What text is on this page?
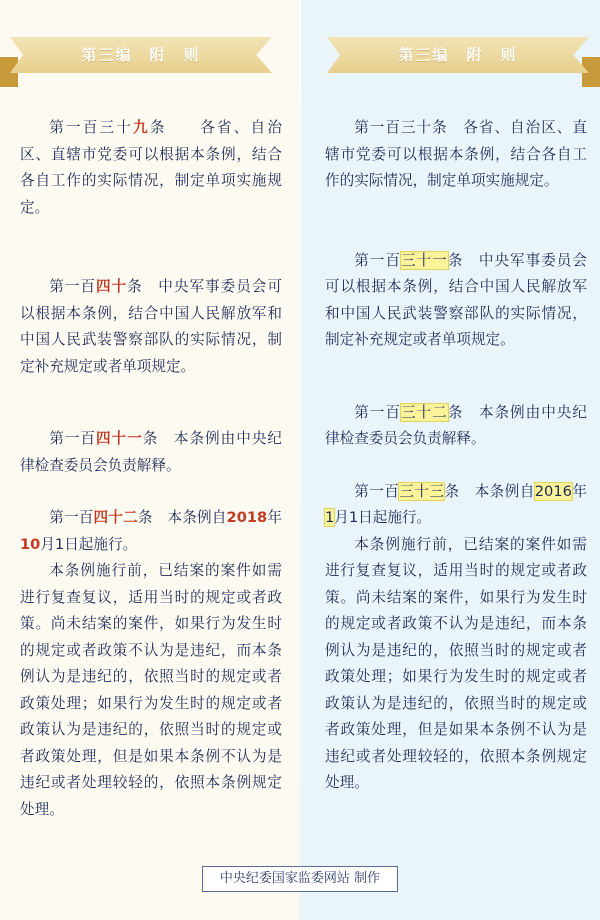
第三编　附　则	第三编　附　则

第一百三十九条　　 各省、自治区、直辖市党委可以根据本条例，结合各自工作的实际情况，制定单项实施规定。

第一百四十条　 中央军事委员会可以根据本条例，结合中国人民解放军和中国人民武装警察部队的实际情况，制定补充规定或者单项规定。

第一百四十一条　 本条例由中央纪律检查委员会负责解释。

第一百四十二条　 本条例自2018年10月1日起施行。

本条例施行前，已结案的案件如需进行复查复议，适用当时的规定或者政策。尚未结案的案件，如果行为发生时的规定或者政策不认为是违纪，而本条例认为是违纪的，依照当时的规定或者政策处理；如果行为发生时的规定或者政策认为是违纪的，依照当时的规定或者政策处理，但是如果本条例不认为是违纪或者处理较轻的，依照本条例规定处理。

第一百三十条　 各省、自治区、直辖市党委可以根据本条例，结合各自工作的实际情况，制定单项实施规定。

第一百三十一条　 中央军事委员会可以根据本条例，结合中国人民解放军和中国人民武装警察部队的实际情况，制定补充规定或者单项规定。

第一百三十二条　 本条例由中央纪律检查委员会负责解释。

第一百三十三条　 本条例自2016年1月1日起施行。

本条例施行前，已结案的案件如需进行复查复议，适用当时的规定或者政策。尚未结案的案件，如果行为发生时的规定或者政策不认为是违纪，而本条例认为是违纪的，依照当时的规定或者政策处理；如果行为发生时的规定或者政策认为是违纪的，依照当时的规定或者政策处理，但是如果本条例不认为是违纪或者处理较轻的，依照本条例规定处理。

中央纪委国家监委网站 制作
